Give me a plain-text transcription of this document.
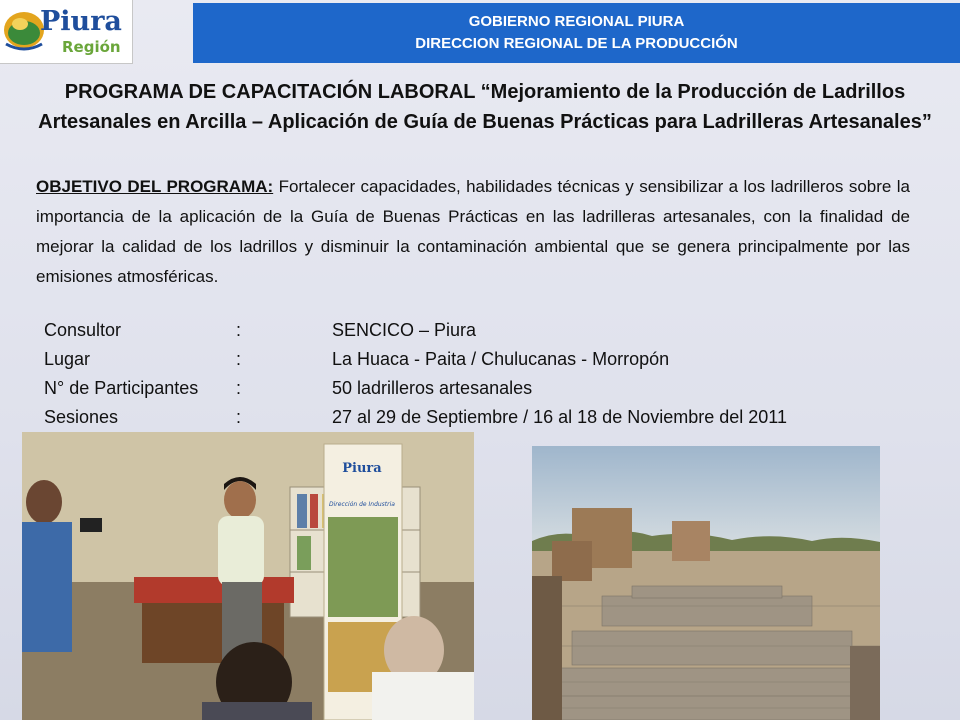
Piura
Región
GOBIERNO REGIONAL PIURA
DIRECCION REGIONAL DE LA PRODUCCIÓN
PROGRAMA DE CAPACITACIÓN LABORAL “Mejoramiento de la Producción de Ladrillos Artesanales en Arcilla – Aplicación de Guía de Buenas Prácticas para Ladrilleras Artesanales”
OBJETIVO DEL PROGRAMA: Fortalecer capacidades, habilidades técnicas y sensibilizar a los ladrilleros sobre la importancia de la aplicación de la Guía de Buenas Prácticas en las ladrilleras artesanales, con la finalidad de mejorar la calidad de los ladrillos y disminuir la contaminación ambiental que se genera principalmente por las emisiones atmosféricas.
Consultor	:	SENCICO – Piura
Lugar	:	La Huaca - Paita / Chulucanas - Morropón
N° de Participantes :	50 ladrilleros artesanales
Sesiones	:	27 al 29 de Septiembre / 16 al 18 de Noviembre del 2011
Piura
Dirección de Industria
